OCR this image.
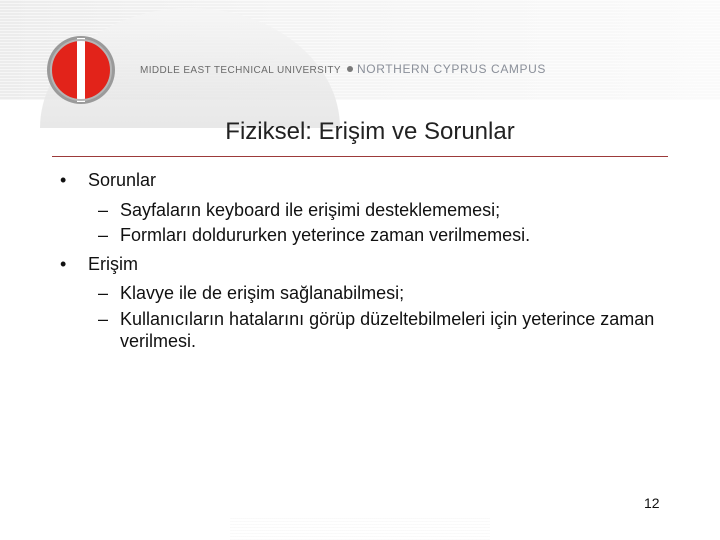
MIDDLE EAST TECHNICAL UNIVERSITY NORTHERN CYPRUS CAMPUS
Fiziksel: Erişim ve Sorunlar
• Sorunlar
– Sayfaların keyboard ile erişimi desteklememesi;
– Formları doldururken yeterince zaman verilmemesi.
• Erişim
– Klavye ile de erişim sağlanabilmesi;
– Kullanıcıların hatalarını görüp düzeltebilmeleri için yeterince zaman verilmesi.
12
